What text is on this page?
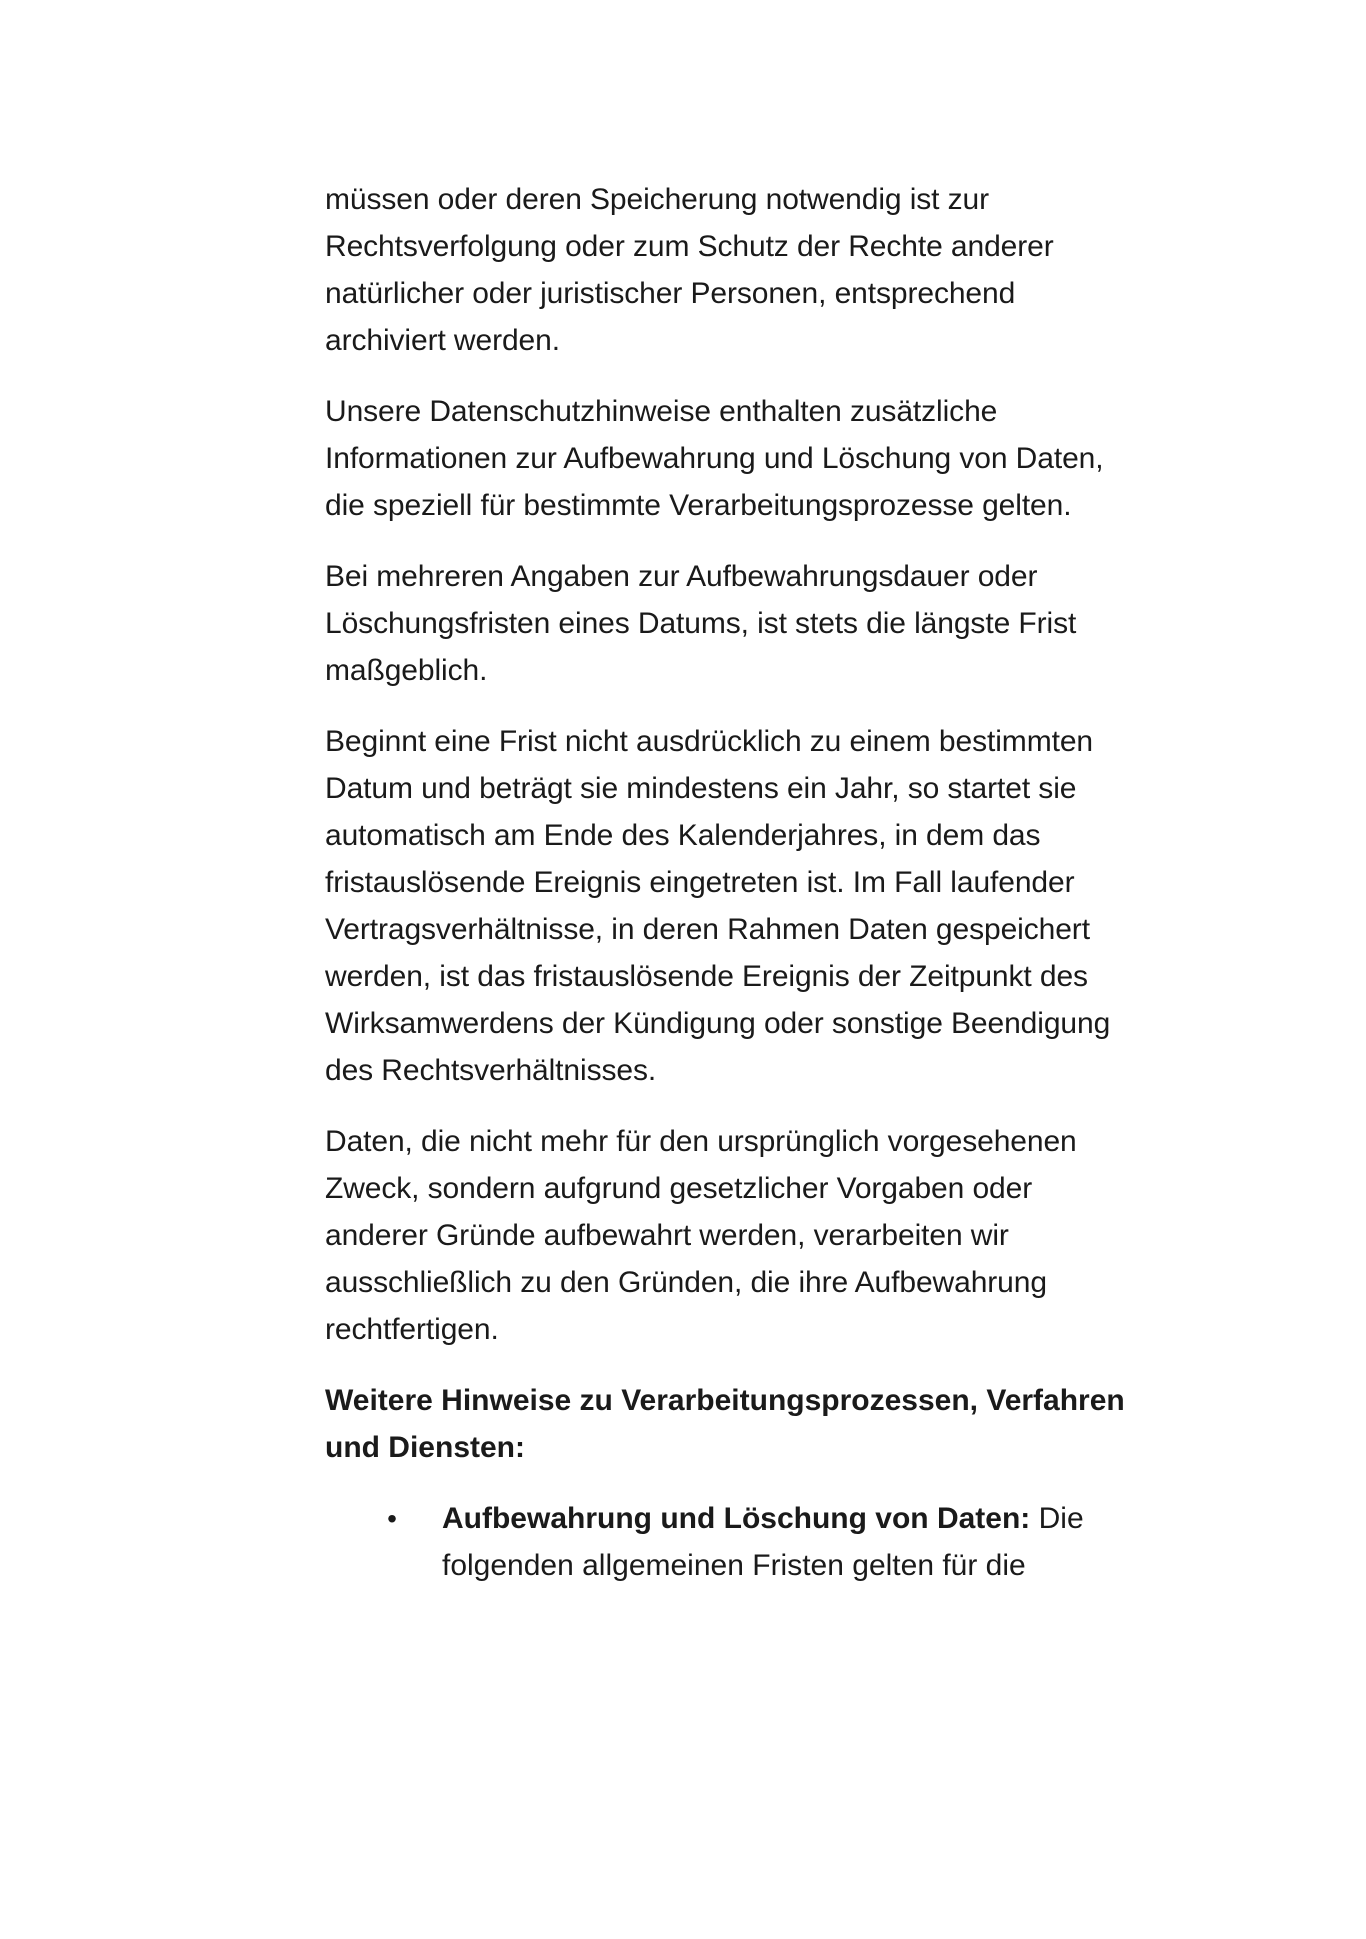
müssen oder deren Speicherung notwendig ist zur Rechtsverfolgung oder zum Schutz der Rechte anderer natürlicher oder juristischer Personen, entsprechend archiviert werden.

Unsere Datenschutzhinweise enthalten zusätzliche Informationen zur Aufbewahrung und Löschung von Daten, die speziell für bestimmte Verarbeitungsprozesse gelten.

Bei mehreren Angaben zur Aufbewahrungsdauer oder Löschungsfristen eines Datums, ist stets die längste Frist maßgeblich.

Beginnt eine Frist nicht ausdrücklich zu einem bestimmten Datum und beträgt sie mindestens ein Jahr, so startet sie automatisch am Ende des Kalenderjahres, in dem das fristauslösende Ereignis eingetreten ist. Im Fall laufender Vertragsverhältnisse, in deren Rahmen Daten gespeichert werden, ist das fristauslösende Ereignis der Zeitpunkt des Wirksamwerdens der Kündigung oder sonstige Beendigung des Rechtsverhältnisses.

Daten, die nicht mehr für den ursprünglich vorgesehenen Zweck, sondern aufgrund gesetzlicher Vorgaben oder anderer Gründe aufbewahrt werden, verarbeiten wir ausschließlich zu den Gründen, die ihre Aufbewahrung rechtfertigen.

Weitere Hinweise zu Verarbeitungsprozessen, Verfahren und Diensten:

• Aufbewahrung und Löschung von Daten: Die folgenden allgemeinen Fristen gelten für die
